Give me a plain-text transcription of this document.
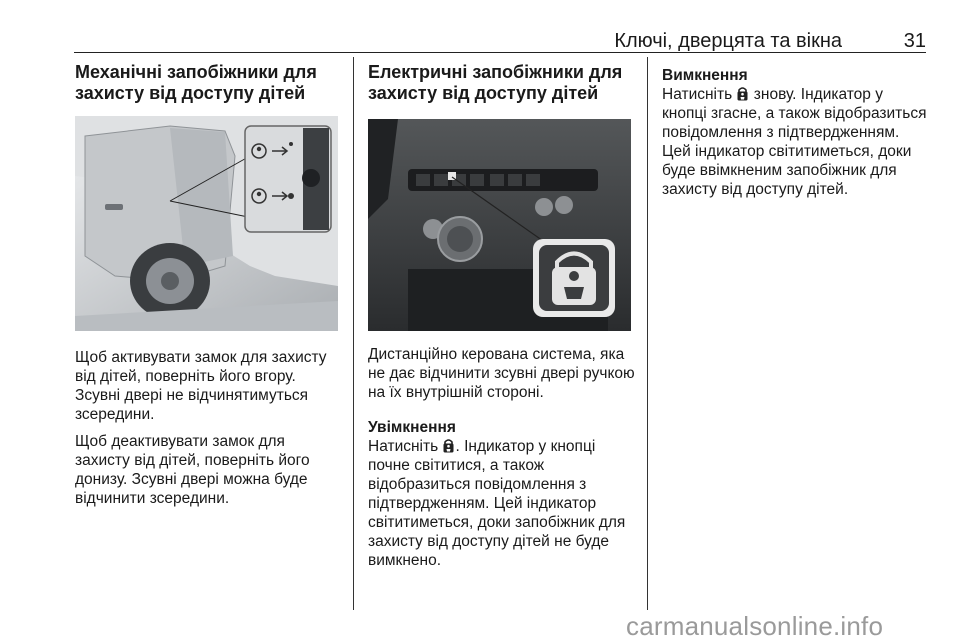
Ключі, дверцята та вікна	31
Механічні запобіжники для захисту від доступу дітей

Щоб активувати замок для захисту від дітей, поверніть його вгору. Зсувні двері не відчинятимуться зсередини.

Щоб деактивувати замок для захисту від дітей, поверніть його донизу. Зсувні двері можна буде відчинити зсередини.

Електричні запобіжники для захисту від доступу дітей

Дистанційно керована система, яка не дає відчинити зсувні двері ручкою на їх внутрішній стороні.

Увімкнення

Натисніть . Індикатор у кнопці почне світитися, а також відобразиться повідомлення з підтвердженням. Цей індикатор світитиметься, доки запобіжник для захисту від доступу дітей не буде вимкнено.

Вимкнення

Натисніть  знову. Індикатор у кнопці згасне, а також відобразиться повідомлення з підтвердженням. Цей індикатор світитиметься, доки буде ввімкненим запобіжник для захисту від доступу дітей.

carmanualsonline.info
